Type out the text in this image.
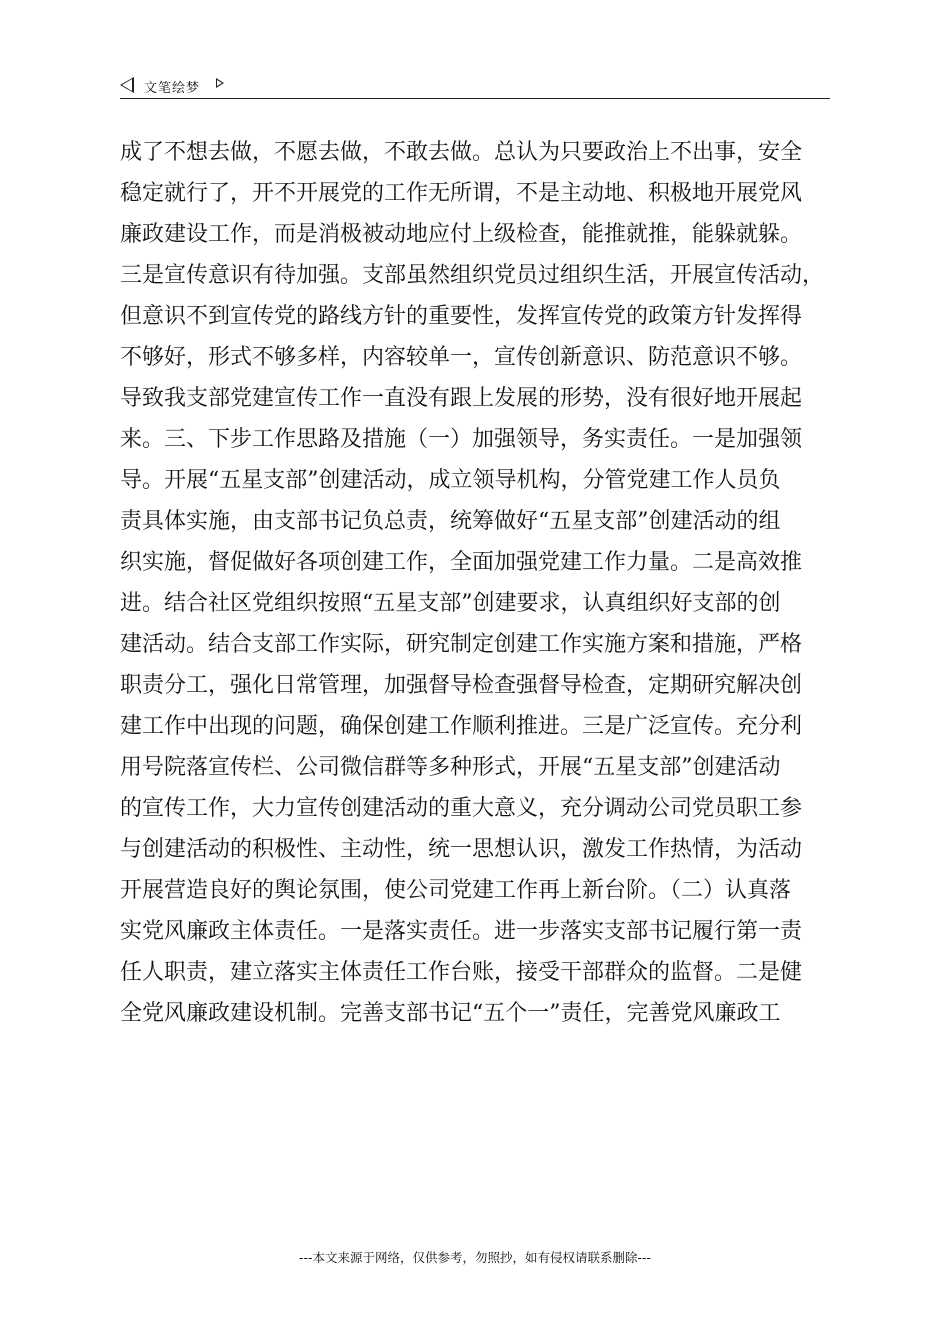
文笔绘梦
成了不想去做，不愿去做，不敢去做。总认为只要政治上不出事，安全
稳定就行了，开不开展党的工作无所谓，不是主动地、积极地开展党风
廉政建设工作，而是消极被动地应付上级检查，能推就推，能躲就躲。
三是宣传意识有待加强。支部虽然组织党员过组织生活，开展宣传活动，
但意识不到宣传党的路线方针的重要性，发挥宣传党的政策方针发挥得
不够好，形式不够多样，内容较单一，宣传创新意识、防范意识不够。
导致我支部党建宣传工作一直没有跟上发展的形势，没有很好地开展起
来。三、下步工作思路及措施（一）加强领导，务实责任。一是加强领
导。开展“五星支部”创建活动，成立领导机构，分管党建工作人员负
责具体实施，由支部书记负总责，统筹做好“五星支部”创建活动的组
织实施，督促做好各项创建工作，全面加强党建工作力量。二是高效推
进。结合社区党组织按照“五星支部”创建要求，认真组织好支部的创
建活动。结合支部工作实际，研究制定创建工作实施方案和措施，严格
职责分工，强化日常管理，加强督导检查强督导检查，定期研究解决创
建工作中出现的问题，确保创建工作顺利推进。三是广泛宣传。充分利
用号院落宣传栏、公司微信群等多种形式，开展“五星支部”创建活动
的宣传工作，大力宣传创建活动的重大意义，充分调动公司党员职工参
与创建活动的积极性、主动性，统一思想认识，激发工作热情，为活动
开展营造良好的舆论氛围，使公司党建工作再上新台阶。（二）认真落
实党风廉政主体责任。一是落实责任。进一步落实支部书记履行第一责
任人职责，建立落实主体责任工作台账，接受干部群众的监督。二是健
全党风廉政建设机制。完善支部书记“五个一”责任，完善党风廉政工
---本文来源于网络，仅供参考，勿照抄，如有侵权请联系删除---
